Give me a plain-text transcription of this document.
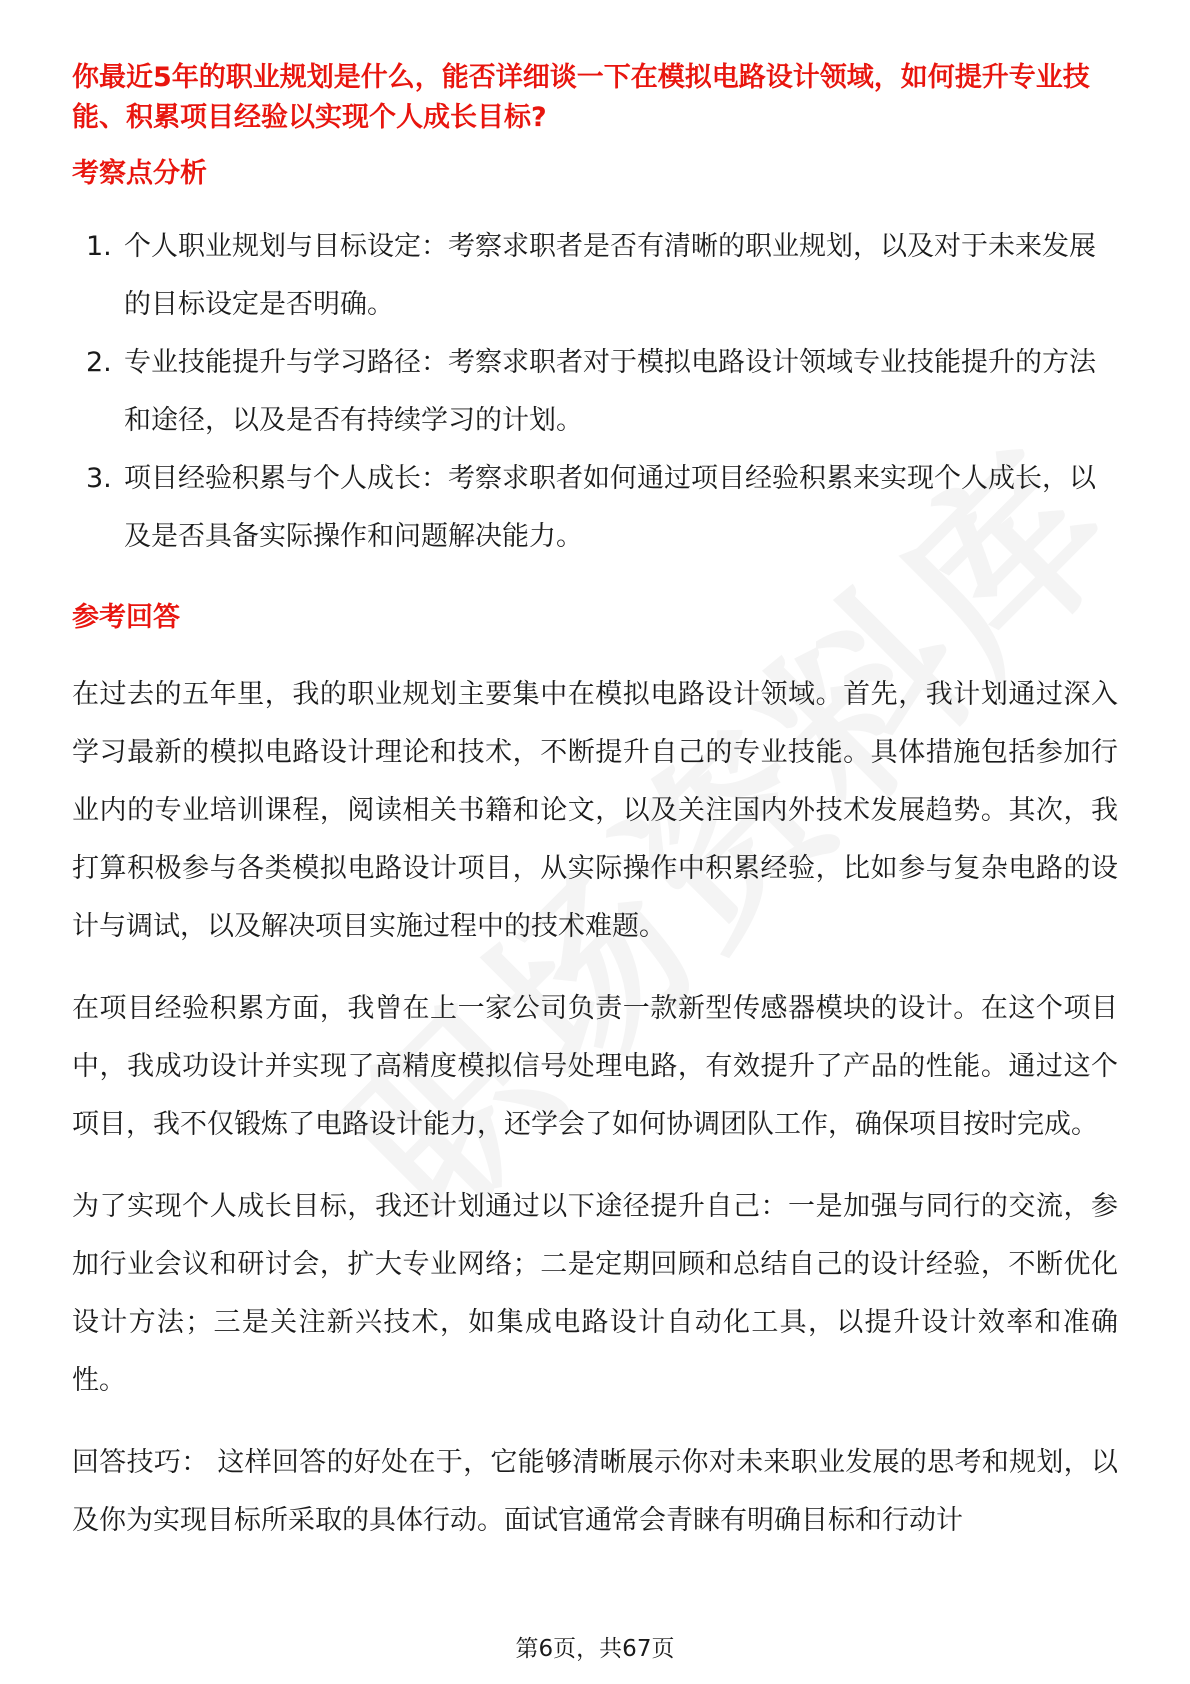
你最近5年的职业规划是什么，能否详细谈一下在模拟电路设计领域，如何提升专业技能、积累项目经验以实现个人成长目标?

考察点分析

1. 个人职业规划与目标设定：考察求职者是否有清晰的职业规划，以及对于未来发展的目标设定是否明确。
2. 专业技能提升与学习路径：考察求职者对于模拟电路设计领域专业技能提升的方法和途径，以及是否有持续学习的计划。
3. 项目经验积累与个人成长：考察求职者如何通过项目经验积累来实现个人成长，以及是否具备实际操作和问题解决能力。

参考回答

在过去的五年里，我的职业规划主要集中在模拟电路设计领域。首先，我计划通过深入学习最新的模拟电路设计理论和技术，不断提升自己的专业技能。具体措施包括参加行业内的专业培训课程，阅读相关书籍和论文，以及关注国内外技术发展趋势。其次，我打算积极参与各类模拟电路设计项目，从实际操作中积累经验，比如参与复杂电路的设计与调试，以及解决项目实施过程中的技术难题。

在项目经验积累方面，我曾在上一家公司负责一款新型传感器模块的设计。在这个项目中，我成功设计并实现了高精度模拟信号处理电路，有效提升了产品的性能。通过这个项目，我不仅锻炼了电路设计能力，还学会了如何协调团队工作，确保项目按时完成。

为了实现个人成长目标，我还计划通过以下途径提升自己：一是加强与同行的交流，参加行业会议和研讨会，扩大专业网络；二是定期回顾和总结自己的设计经验，不断优化设计方法；三是关注新兴技术，如集成电路设计自动化工具，以提升设计效率和准确性。

回答技巧： 这样回答的好处在于，它能够清晰展示你对未来职业发展的思考和规划，以及你为实现目标所采取的具体行动。面试官通常会青睐有明确目标和行动计

第6页，共67页
